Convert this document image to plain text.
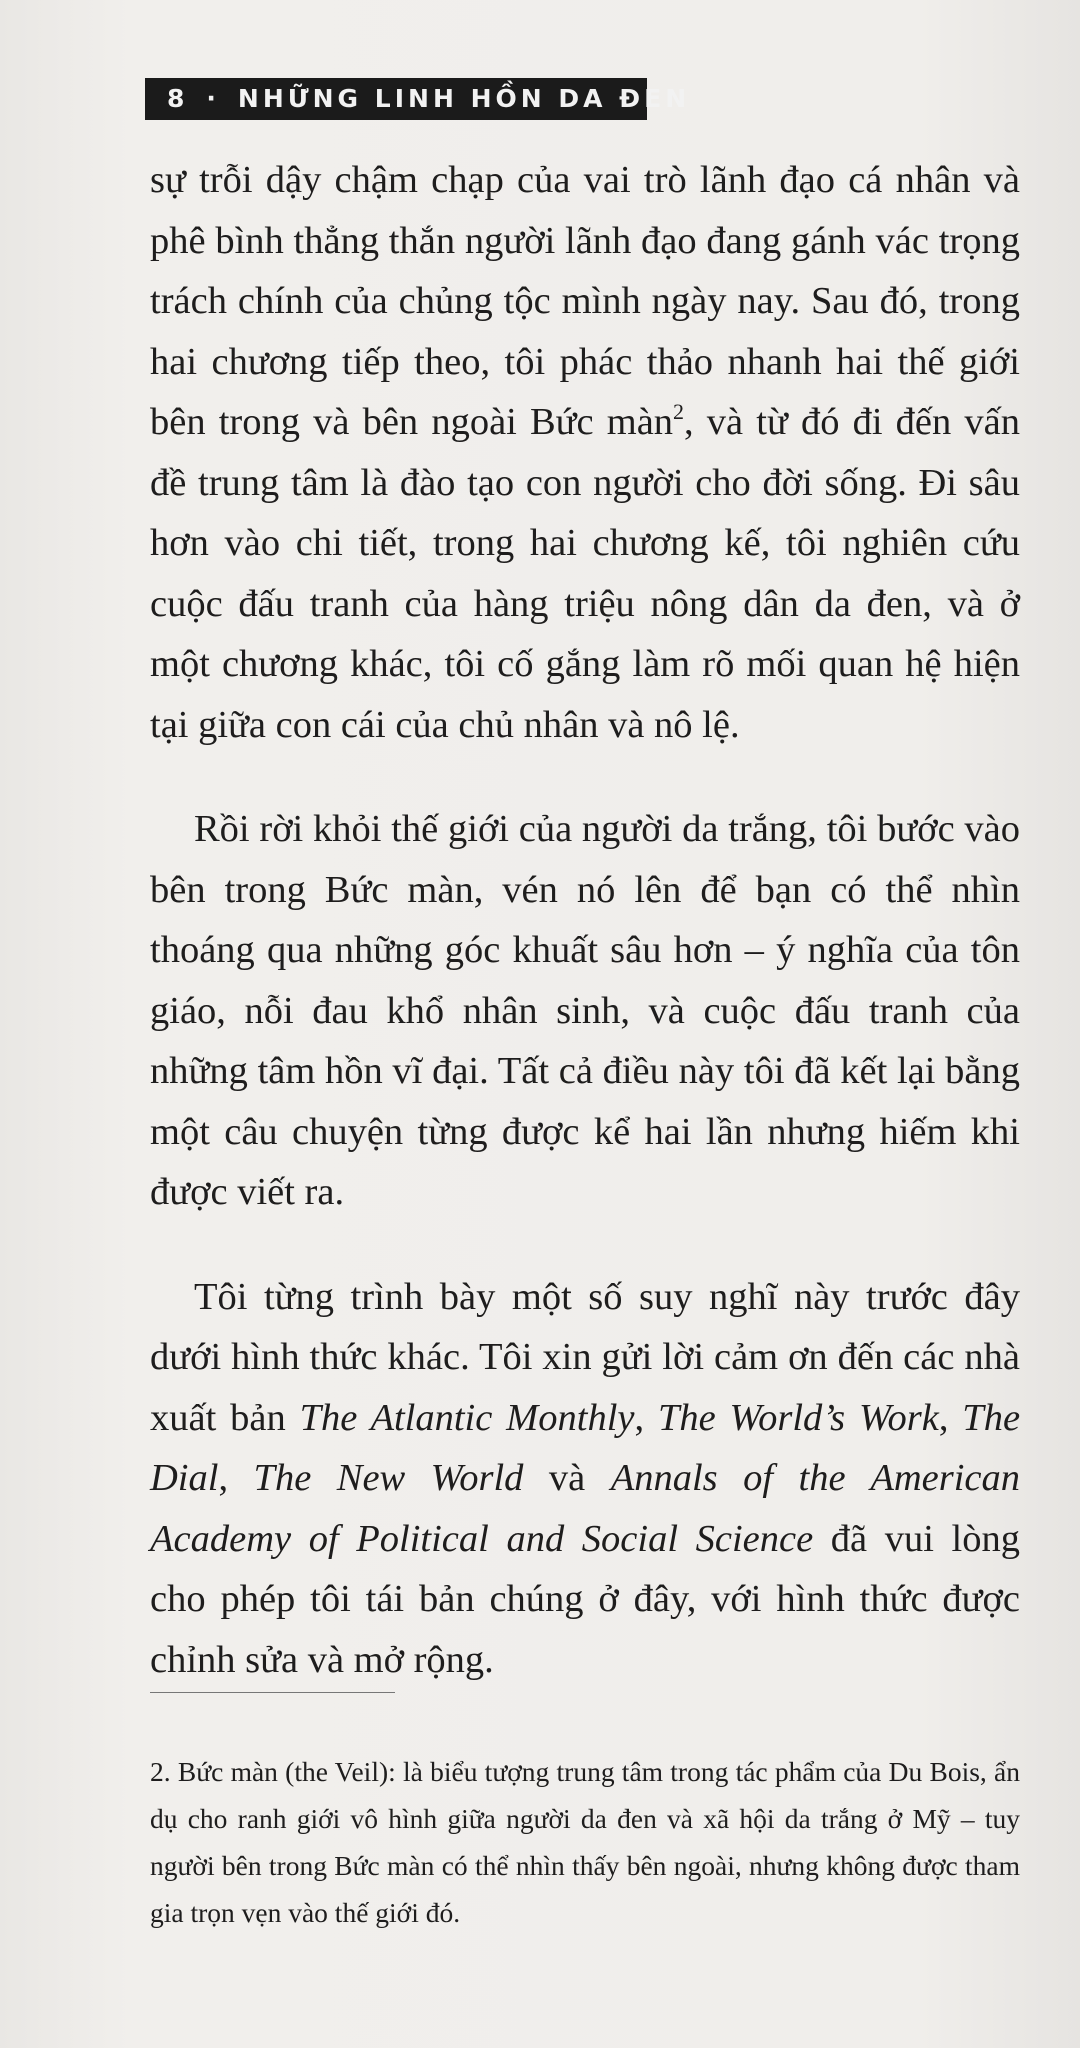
8 · NHỮNG LINH HỒN DA ĐEN

sự trỗi dậy chậm chạp của vai trò lãnh đạo cá nhân và phê bình thẳng thắn người lãnh đạo đang gánh vác trọng trách chính của chủng tộc mình ngày nay. Sau đó, trong hai chương tiếp theo, tôi phác thảo nhanh hai thế giới bên trong và bên ngoài Bức màn$^2$, và từ đó đi đến vấn đề trung tâm là đào tạo con người cho đời sống. Đi sâu hơn vào chi tiết, trong hai chương kế, tôi nghiên cứu cuộc đấu tranh của hàng triệu nông dân da đen, và ở một chương khác, tôi cố gắng làm rõ mối quan hệ hiện tại giữa con cái của chủ nhân và nô lệ.

Rồi rời khỏi thế giới của người da trắng, tôi bước vào bên trong Bức màn, vén nó lên để bạn có thể nhìn thoáng qua những góc khuất sâu hơn – ý nghĩa của tôn giáo, nỗi đau khổ nhân sinh, và cuộc đấu tranh của những tâm hồn vĩ đại. Tất cả điều này tôi đã kết lại bằng một câu chuyện từng được kể hai lần nhưng hiếm khi được viết ra.

Tôi từng trình bày một số suy nghĩ này trước đây dưới hình thức khác. Tôi xin gửi lời cảm ơn đến các nhà xuất bản The Atlantic Monthly, The World’s Work, The Dial, The New World và Annals of the American Academy of Political and Social Science đã vui lòng cho phép tôi tái bản chúng ở đây, với hình thức được chỉnh sửa và mở rộng.

2. Bức màn (the Veil): là biểu tượng trung tâm trong tác phẩm của Du Bois, ẩn dụ cho ranh giới vô hình giữa người da đen và xã hội da trắng ở Mỹ – tuy người bên trong Bức màn có thể nhìn thấy bên ngoài, nhưng không được tham gia trọn vẹn vào thế giới đó.
